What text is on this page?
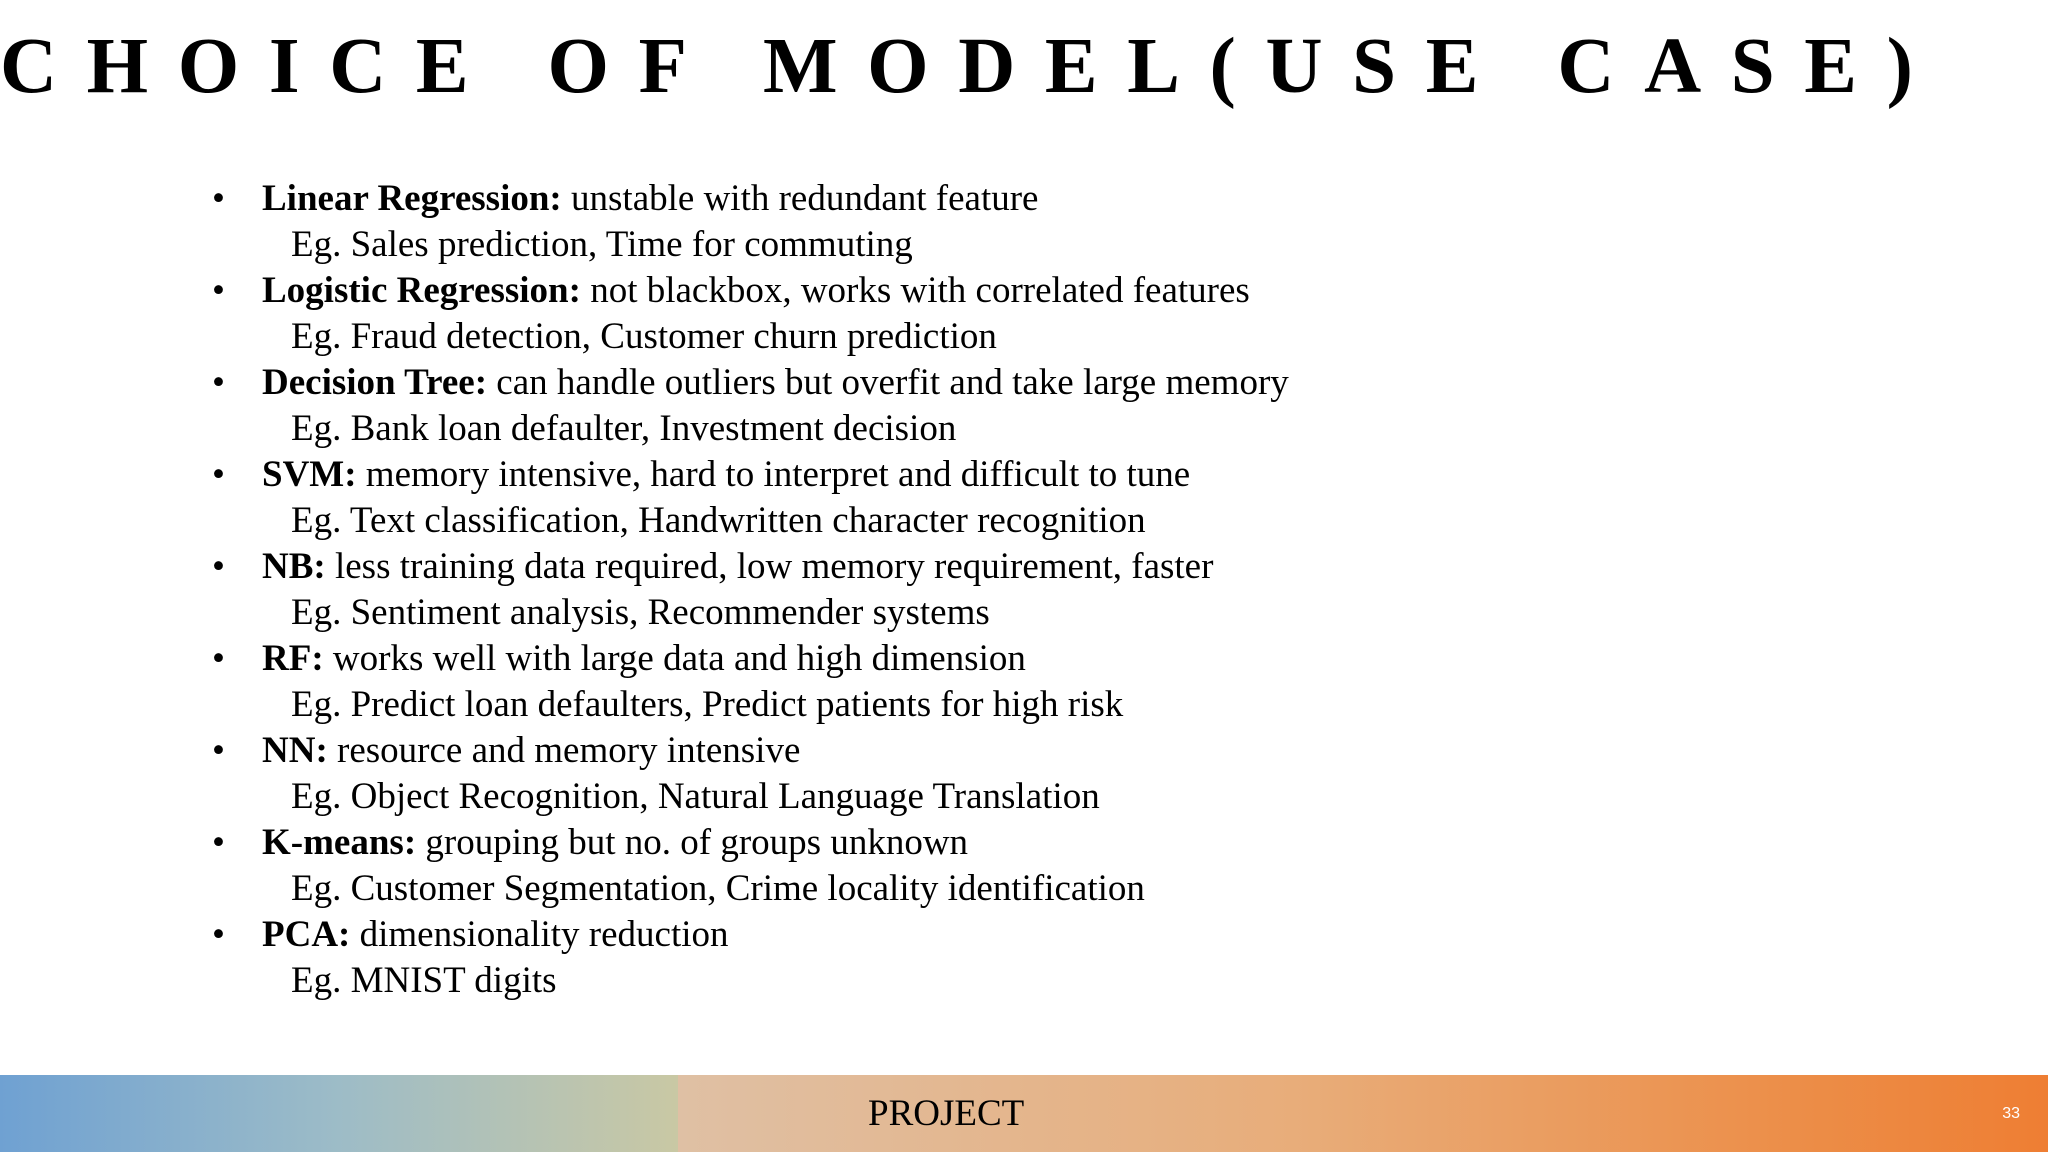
CHOICE OF MODEL(USE CASE)
• Linear Regression: unstable with redundant feature
Eg. Sales prediction, Time for commuting
• Logistic Regression: not blackbox, works with correlated features
Eg. Fraud detection, Customer churn prediction
• Decision Tree: can handle outliers but overfit and take large memory
Eg. Bank loan defaulter, Investment decision
• SVM: memory intensive, hard to interpret and difficult to tune
Eg. Text classification, Handwritten character recognition
• NB: less training data required, low memory requirement, faster
Eg. Sentiment analysis, Recommender systems
• RF: works well with large data and high dimension
Eg. Predict loan defaulters, Predict patients for high risk
• NN: resource and memory intensive
Eg. Object Recognition, Natural Language Translation
• K-means: grouping but no. of groups unknown
Eg. Customer Segmentation, Crime locality identification
• PCA: dimensionality reduction
Eg. MNIST digits
PROJECT	33
